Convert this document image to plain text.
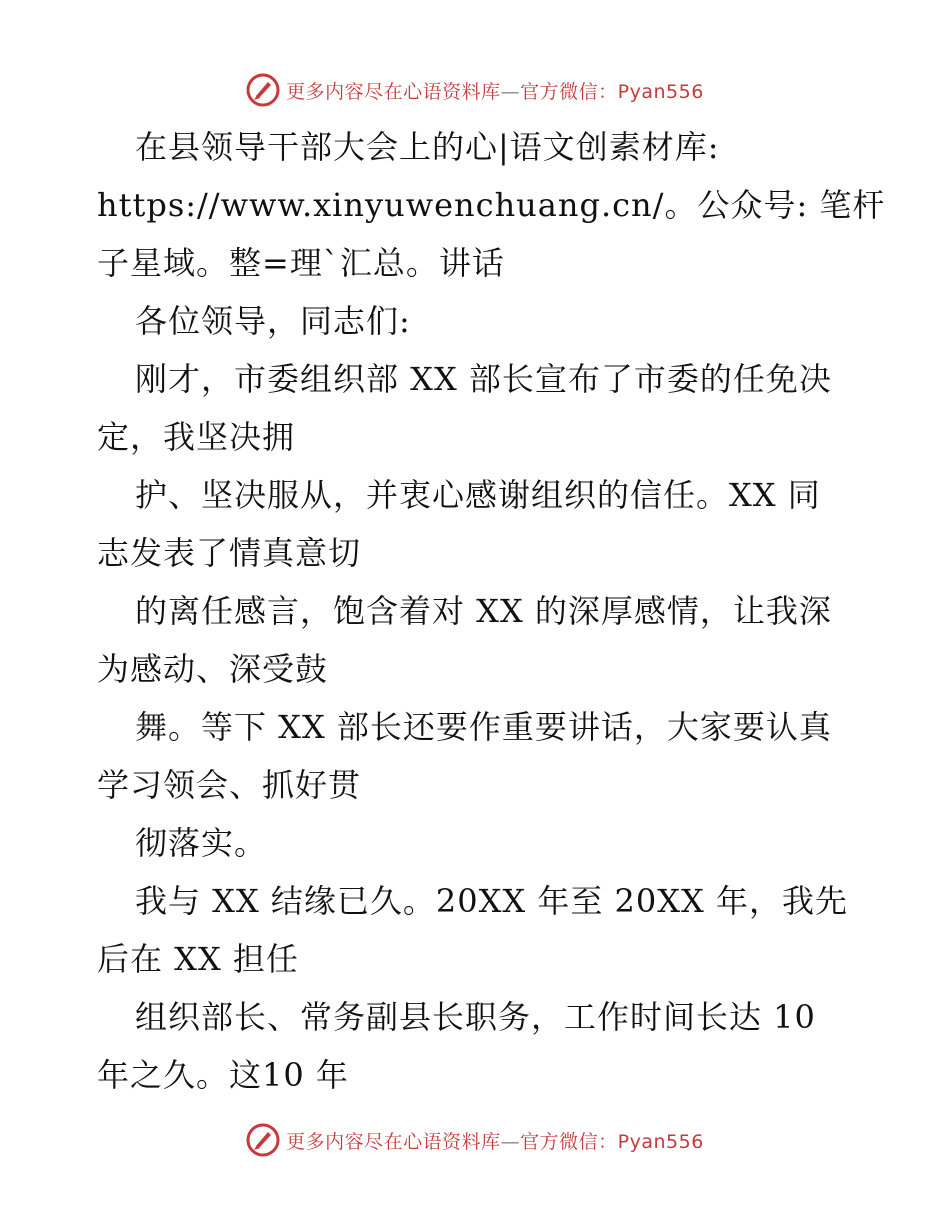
更多内容尽在心语资料库—官方微信：Pyan556
在县领导干部大会上的心|语文创素材库:
https://www.xinyuwenchuang.cn/。公众号: 笔杆
子星域。整=理`汇总。讲话
各位领导，同志们:
刚才，市委组织部 XX 部长宣布了市委的任免决
定，我坚决拥
护、坚决服从，并衷心感谢组织的信任。XX 同
志发表了情真意切
的离任感言，饱含着对 XX 的深厚感情，让我深
为感动、深受鼓
舞。等下 XX 部长还要作重要讲话，大家要认真
学习领会、抓好贯
彻落实。
我与 XX 结缘已久。20XX 年至 20XX 年，我先
后在 XX 担任
组织部长、常务副县长职务，工作时间长达 10
年之久。这10 年
更多内容尽在心语资料库—官方微信：Pyan556
